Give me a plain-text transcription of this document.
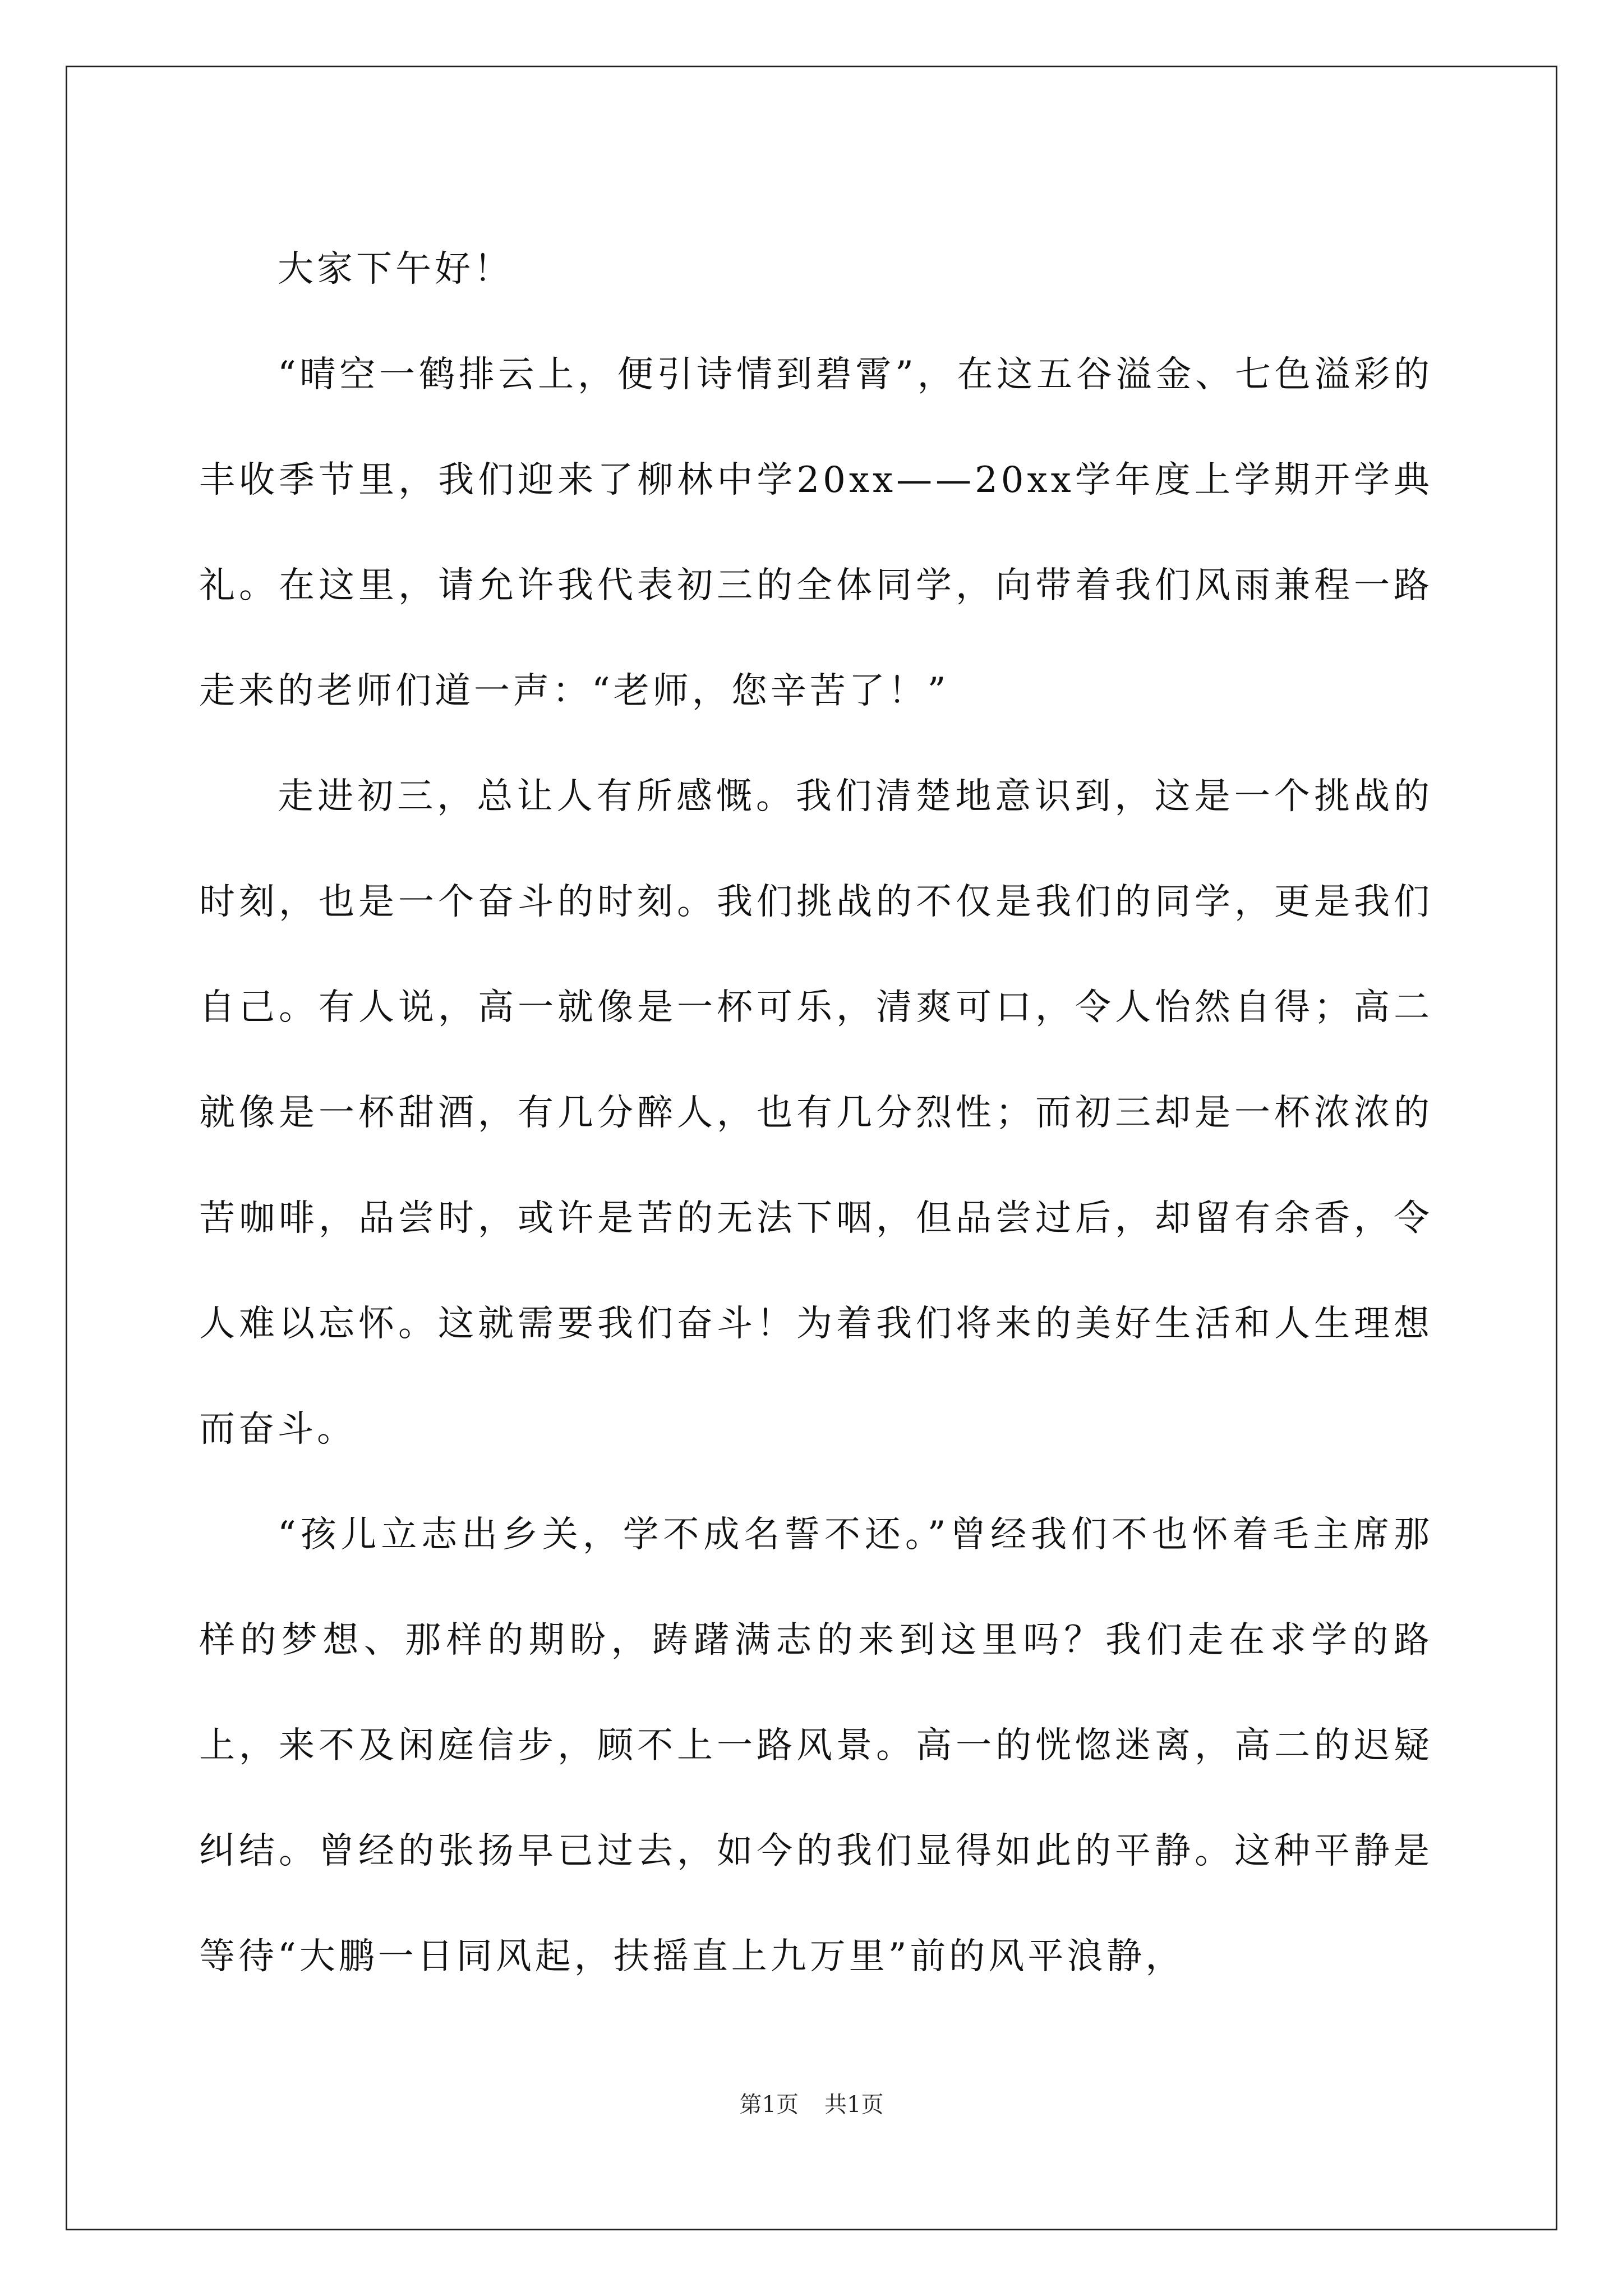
大家下午好！

“晴空一鹤排云上，便引诗情到碧霄”，在这五谷溢金、七色溢彩的丰收季节里，我们迎来了柳林中学20xx——20xx学年度上学期开学典礼。在这里，请允许我代表初三的全体同学，向带着我们风雨兼程一路走来的老师们道一声：“老师，您辛苦了！”

走进初三，总让人有所感慨。我们清楚地意识到，这是一个挑战的时刻，也是一个奋斗的时刻。我们挑战的不仅是我们的同学，更是我们自己。有人说，高一就像是一杯可乐，清爽可口，令人怡然自得；高二就像是一杯甜酒，有几分醉人，也有几分烈性；而初三却是一杯浓浓的苦咖啡，品尝时，或许是苦的无法下咽，但品尝过后，却留有余香，令人难以忘怀。这就需要我们奋斗！为着我们将来的美好生活和人生理想而奋斗。

“孩儿立志出乡关，学不成名誓不还。”曾经我们不也怀着毛主席那样的梦想、那样的期盼，踌躇满志的来到这里吗？我们走在求学的路上，来不及闲庭信步，顾不上一路风景。高一的恍惚迷离，高二的迟疑纠结。曾经的张扬早已过去，如今的我们显得如此的平静。这种平静是等待“大鹏一日同风起，扶摇直上九万里”前的风平浪静，

第1页 共1页
